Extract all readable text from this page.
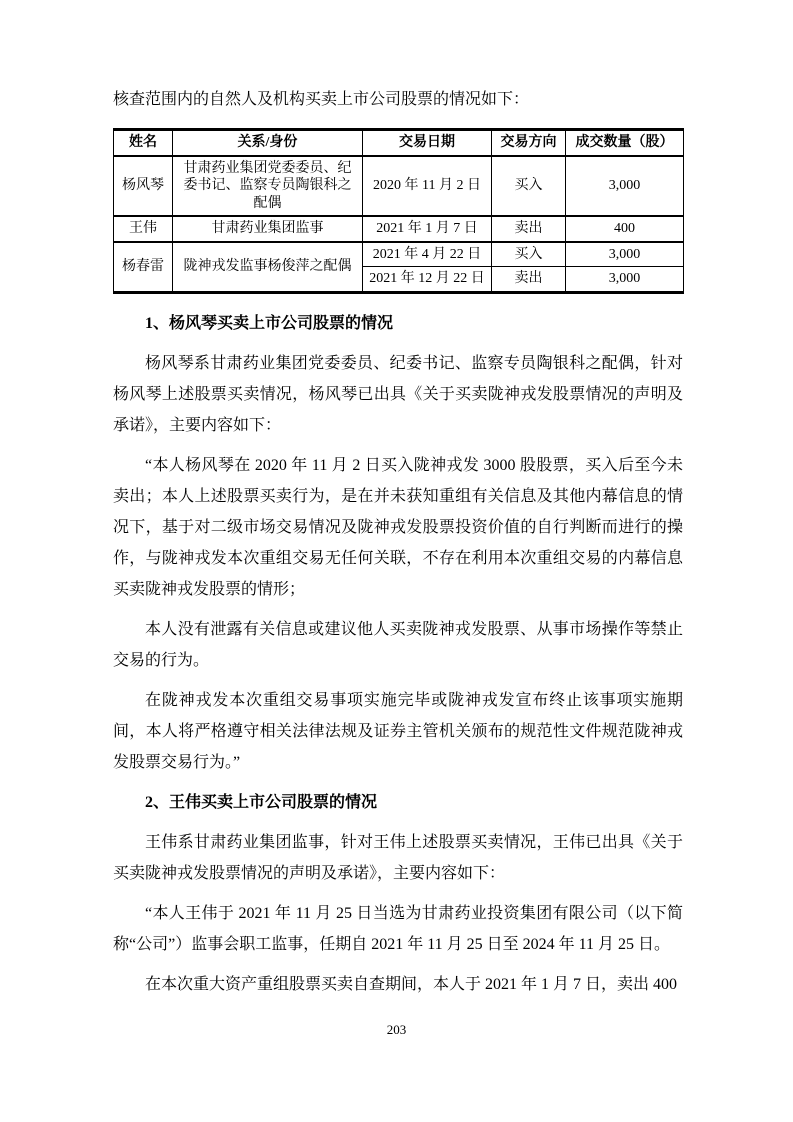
核查范围内的自然人及机构买卖上市公司股票的情况如下：

姓名	关系/身份	交易日期	交易方向	成交数量（股）
杨风琴	甘肃药业集团党委委员、纪委书记、监察专员陶银科之配偶	2020 年 11 月 2 日	买入	3,000
王伟	甘肃药业集团监事	2021 年 1 月 7 日	卖出	400
杨春雷	陇神戎发监事杨俊萍之配偶	2021 年 4 月 22 日	买入	3,000
		2021 年 12 月 22 日	卖出	3,000
1、杨风琴买卖上市公司股票的情况

杨风琴系甘肃药业集团党委委员、纪委书记、监察专员陶银科之配偶，针对杨风琴上述股票买卖情况，杨风琴已出具《关于买卖陇神戎发股票情况的声明及承诺》，主要内容如下：

“本人杨风琴在 2020 年 11 月 2 日买入陇神戎发 3000 股股票，买入后至今未卖出；本人上述股票买卖行为，是在并未获知重组有关信息及其他内幕信息的情况下，基于对二级市场交易情况及陇神戎发股票投资价值的自行判断而进行的操作，与陇神戎发本次重组交易无任何关联，不存在利用本次重组交易的内幕信息买卖陇神戎发股票的情形；

本人没有泄露有关信息或建议他人买卖陇神戎发股票、从事市场操作等禁止交易的行为。

在陇神戎发本次重组交易事项实施完毕或陇神戎发宣布终止该事项实施期间，本人将严格遵守相关法律法规及证券主管机关颁布的规范性文件规范陇神戎发股票交易行为。”

2、王伟买卖上市公司股票的情况

王伟系甘肃药业集团监事，针对王伟上述股票买卖情况，王伟已出具《关于买卖陇神戎发股票情况的声明及承诺》，主要内容如下：

“本人王伟于 2021 年 11 月 25 日当选为甘肃药业投资集团有限公司（以下简称“公司”）监事会职工监事，任期自 2021 年 11 月 25 日至 2024 年 11 月 25 日。

在本次重大资产重组股票买卖自查期间，本人于 2021 年 1 月 7 日，卖出 400

203
